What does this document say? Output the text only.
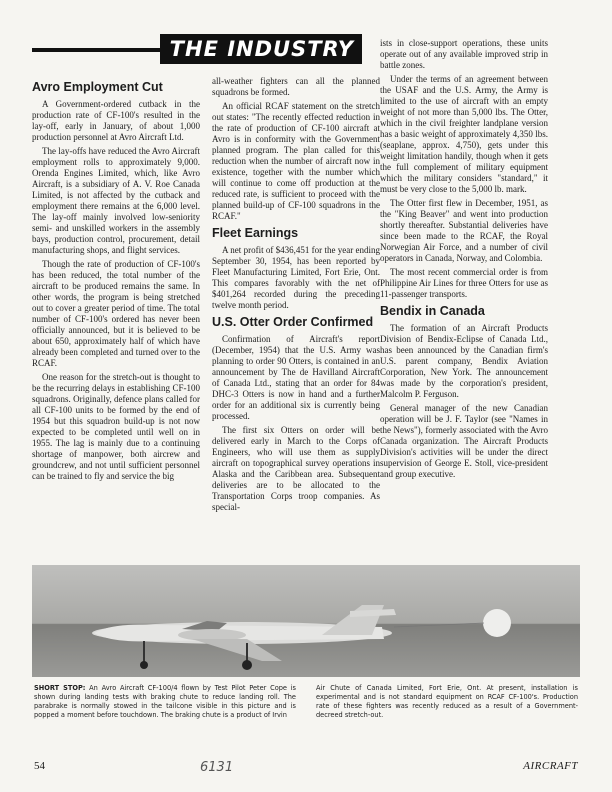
THE INDUSTRY
Avro Employment Cut

A Government-ordered cutback in the production rate of CF-100's resulted in the lay-off, early in January, of about 1,000 production personnel at Avro Aircraft Ltd.

The lay-offs have reduced the Avro Aircraft employment rolls to approximately 9,000. Orenda Engines Limited, which, like Avro Aircraft, is a subsidiary of A. V. Roe Canada Limited, is not affected by the cutback and employment there remains at the 6,000 level. The lay-off mainly involved low-seniority semi- and unskilled workers in the assembly bays, production control, procurement, detail manufacturing shops, and flight services.

Though the rate of production of CF-100's has been reduced, the total number of the aircraft to be produced remains the same. In other words, the program is being stretched out to cover a greater period of time. The total number of CF-100's ordered has never been officially announced, but it is believed to be about 650, approximately half of which have already been completed and turned over to the RCAF.

One reason for the stretch-out is thought to be the recurring delays in establishing CF-100 squadrons. Originally, defence plans called for all CF-100 units to be formed by the end of 1954 but this squadron build-up is not now expected to be completed until well on in 1955. The lag is mainly due to a continuing shortage of manpower, both aircrew and groundcrew, and not until sufficient personnel can be trained to fly and service the big

all-weather fighters can all the planned squadrons be formed.

An official RCAF statement on the stretch out states: "The recently effected reduction in the rate of production of CF-100 aircraft at Avro is in conformity with the Government planned program. The plan called for this reduction when the number of aircraft now in existence, together with the number which will continue to come off production at the reduced rate, is sufficient to proceed with the planned build-up of CF-100 squadrons in the RCAF."

Fleet Earnings

A net profit of $436,451 for the year ending September 30, 1954, has been reported by Fleet Manufacturing Limited, Fort Erie, Ont. This compares favorably with the net of $401,264 recorded during the preceding twelve month period.

U.S. Otter Order Confirmed

Confirmation of Aircraft's report (December, 1954) that the U.S. Army was planning to order 90 Otters, is contained in an announcement by The de Havilland Aircraft of Canada Ltd., stating that an order for 84 DHC-3 Otters is now in hand and a further order for an additional six is currently being processed.

The first six Otters on order will be delivered early in March to the Corps of Engineers, who will use them as supply aircraft on topographical survey operations in Alaska and the Caribbean area. Subsequent deliveries are to be allocated to the Transportation Corps troop companies. As special-

ists in close-support operations, these units operate out of any available improved strip in battle zones.

Under the terms of an agreement between the USAF and the U.S. Army, the Army is limited to the use of aircraft with an empty weight of not more than 5,000 lbs. The Otter, which in the civil freighter landplane version has a basic weight of approximately 4,350 lbs. (seaplane, approx. 4,750), gets under this weight limitation handily, though when it gets the full complement of military equipment which the military considers "standard," it must be very close to the 5,000 lb. mark.

The Otter first flew in December, 1951, as the "King Beaver" and went into production shortly thereafter. Substantial deliveries have since been made to the RCAF, the Royal Norwegian Air Force, and a number of civil operators in Canada, Norway, and Colombia.

The most recent commercial order is from Philippine Air Lines for three Otters for use as 11-passenger transports.

Bendix in Canada

The formation of an Aircraft Products Division of Bendix-Eclipse of Canada Ltd., has been announced by the Canadian firm's U.S. parent company, Bendix Aviation Corporation, New York. The announcement was made by the corporation's president, Malcolm P. Ferguson.

General manager of the new Canadian operation will be J. F. Taylor (see "Names in the News"), formerly associated with the Avro Canada organization. The Aircraft Products Division's activities will be under the direct supervision of George E. Stoll, vice-president and group executive.

SHORT STOP: An Avro Aircraft CF-100/4 flown by Test Pilot Peter Cope is shown during landing tests with braking chute to reduce landing roll. The parabrake is normally stowed in the tailcone visible in this picture and is popped a moment before touchdown. The braking chute is a product of Irvin
Air Chute of Canada Limited, Fort Erie, Ont. At present, installation is experimental and is not standard equipment on RCAF CF-100's. Production rate of these fighters was recently reduced as a result of a Government-decreed stretch-out.
54	6131	AIRCRAFT
